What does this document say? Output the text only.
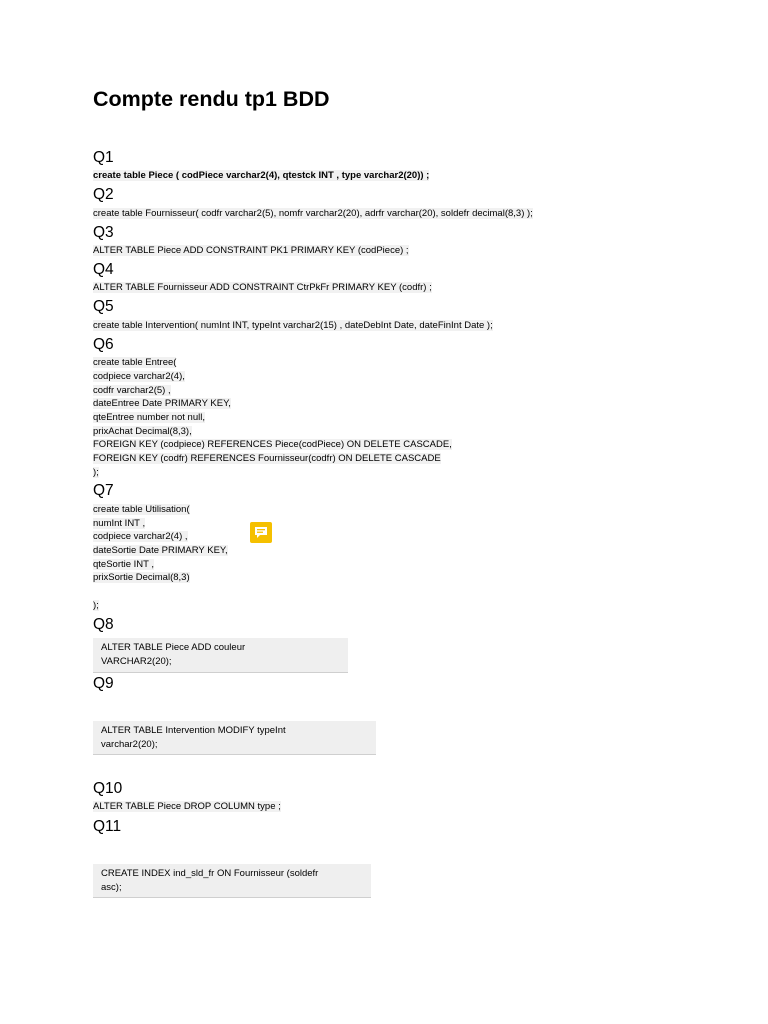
Compte rendu tp1 BDD
Q1
create table Piece ( codPiece varchar2(4), qtestck INT , type varchar2(20)) ;
Q2
create table Fournisseur( codfr varchar2(5), nomfr varchar2(20), adrfr varchar(20), soldefr decimal(8,3) );
Q3
ALTER TABLE Piece ADD CONSTRAINT PK1 PRIMARY KEY (codPiece) ;
Q4
ALTER TABLE Fournisseur ADD CONSTRAINT CtrPkFr PRIMARY KEY (codfr) ;
Q5
create table Intervention( numInt INT, typeInt varchar2(15) , dateDebInt Date, dateFinInt Date );
Q6
create table Entree(
codpiece varchar2(4),
codfr varchar2(5) ,
dateEntree Date PRIMARY KEY,
qteEntree number not null,
prixAchat Decimal(8,3),
FOREIGN KEY (codpiece) REFERENCES Piece(codPiece) ON DELETE CASCADE,
FOREIGN KEY (codfr) REFERENCES Fournisseur(codfr) ON DELETE CASCADE
);
Q7
create table Utilisation(
numInt INT ,
codpiece varchar2(4) ,
dateSortie Date PRIMARY KEY,
qteSortie INT ,
prixSortie Decimal(8,3)
);
Q8
ALTER TABLE Piece ADD couleur
VARCHAR2(20);
Q9
ALTER TABLE Intervention MODIFY typeInt
varchar2(20);
Q10
ALTER TABLE Piece DROP COLUMN type ;
Q11
CREATE INDEX ind_sld_fr ON Fournisseur (soldefr
asc);
